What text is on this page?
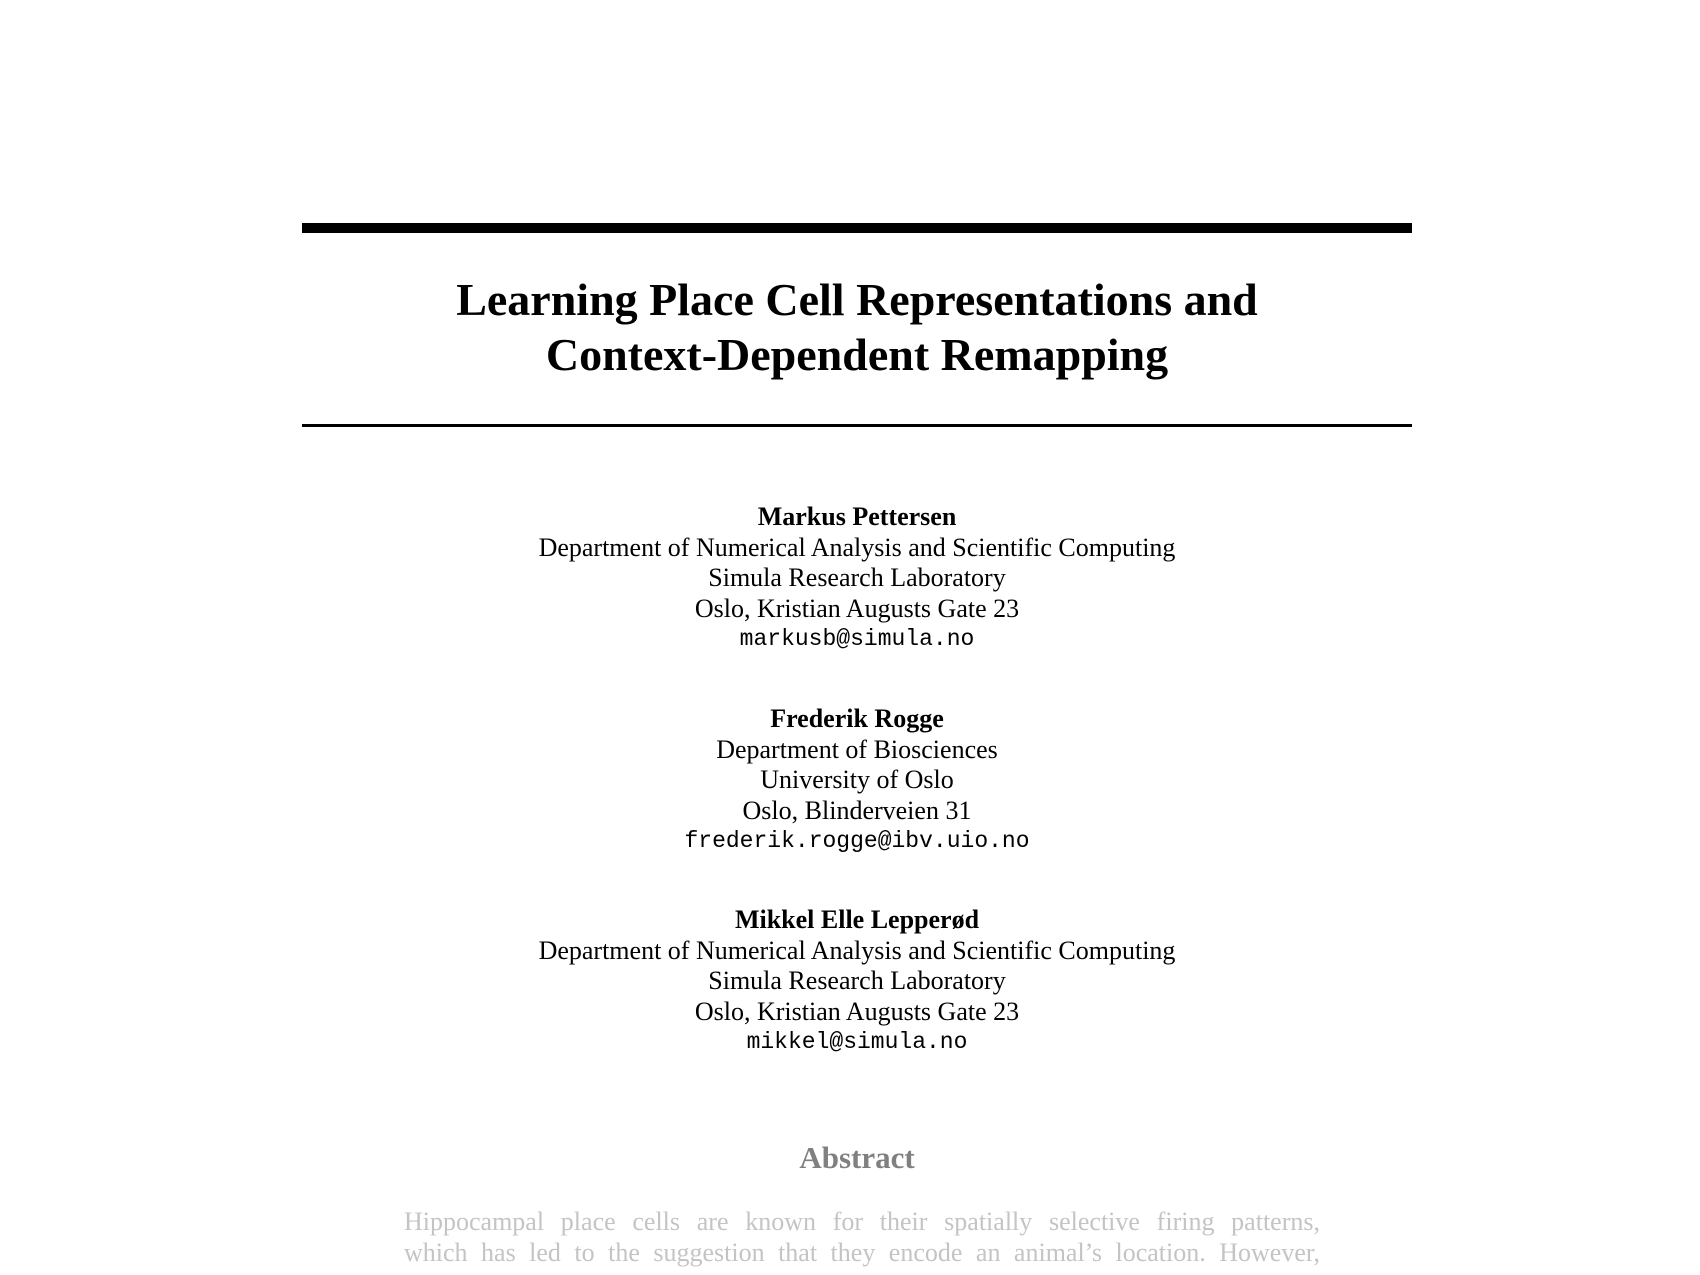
Learning Place Cell Representations and
Context-Dependent Remapping
Markus Pettersen
Department of Numerical Analysis and Scientific Computing
Simula Research Laboratory
Oslo, Kristian Augusts Gate 23
markusb@simula.no
Frederik Rogge
Department of Biosciences
University of Oslo
Oslo, Blinderveien 31
frederik.rogge@ibv.uio.no
Mikkel Elle Lepperød
Department of Numerical Analysis and Scientific Computing
Simula Research Laboratory
Oslo, Kristian Augusts Gate 23
mikkel@simula.no
Abstract
Hippocampal place cells are known for their spatially selective firing patterns,
which has led to the suggestion that they encode an animal’s location. However,
